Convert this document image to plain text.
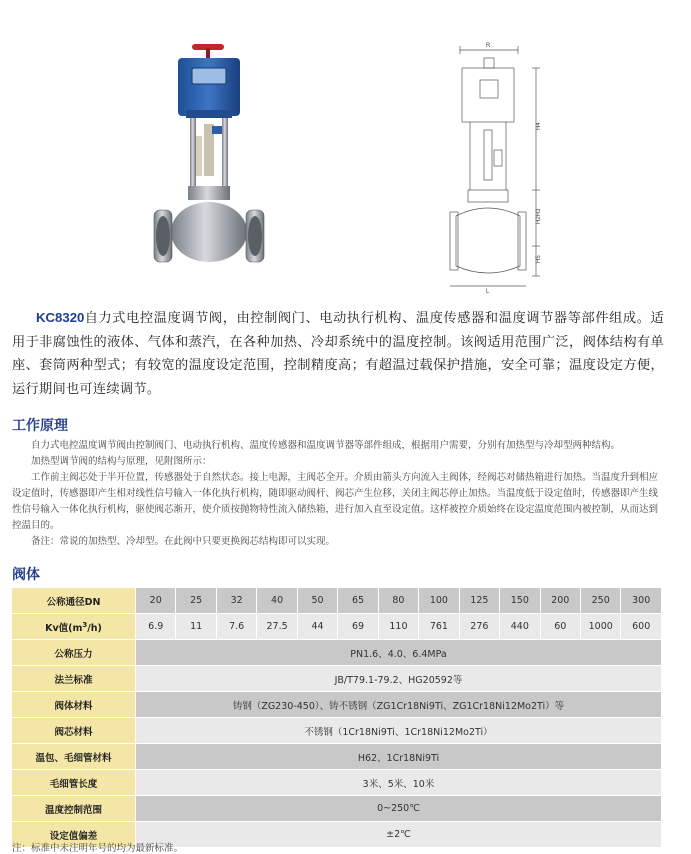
R
H4
H2H3
H5
L
KC8320自力式电控温度调节阀，由控制阀门、电动执行机构、温度传感器和温度调节器等部件组成。适用于非腐蚀性的液体、气体和蒸汽，在各种加热、冷却系统中的温度控制。该阀适用范围广泛，阀体结构有单座、套筒两种型式；有较宽的温度设定范围，控制精度高；有超温过载保护措施，安全可靠；温度设定方便，运行期间也可连续调节。
工作原理

自力式电控温度调节阀由控制阀门、电动执行机构、温度传感器和温度调节器等部件组成，根据用户需要，分别有加热型与冷却型两种结构。

加热型调节阀的结构与原理，见附图所示：

工作前主阀芯处于半开位置，传感器处于自然状态。接上电源，主阀芯全开。介质由箭头方向流入主阀体，经阀芯对储热箱进行加热。当温度升到相应设定值时，传感器即产生相对线性信号输入一体化执行机构，随即驱动阀杆、阀芯产生位移，关闭主阀芯停止加热。当温度低于设定值时，传感器即产生线性信号输入一体化执行机构，驱使阀芯渐开，使介质按抛物特性流入储热箱，进行加入直至设定值。这样被控介质始终在设定温度范围内被控制，从而达到控温目的。

备注：常说的加热型、冷却型。在此阀中只要更换阀芯结构即可以实现。

阀体
公称通径DN	20	25	32	40	50	65	80	100	125	150	200	250	300
Kv值$(m^3/h)$	6.9	11	7.6	27.5	44	69	110	761	276	440	60	1000	600
公称压力	PN1.6、4.0、6.4MPa												
法兰标准	JB/T79.1-79.2、HG20592等												
阀体材料	铸钢（ZG230-450）、铸不锈钢（ZG1Cr18Ni9Ti、ZG1Cr18Ni12Mo2Ti）等												
阀芯材料	不锈钢（1Cr18Ni9Ti、1Cr18Ni12Mo2Ti）												
温包、毛细管材料	H62、1Cr18Ni9Ti												
毛细管长度	3米、5米、10米												
温度控制范围	0~250℃												
设定值偏差	±2℃												
注：标准中未注明年号的均为最新标准。
